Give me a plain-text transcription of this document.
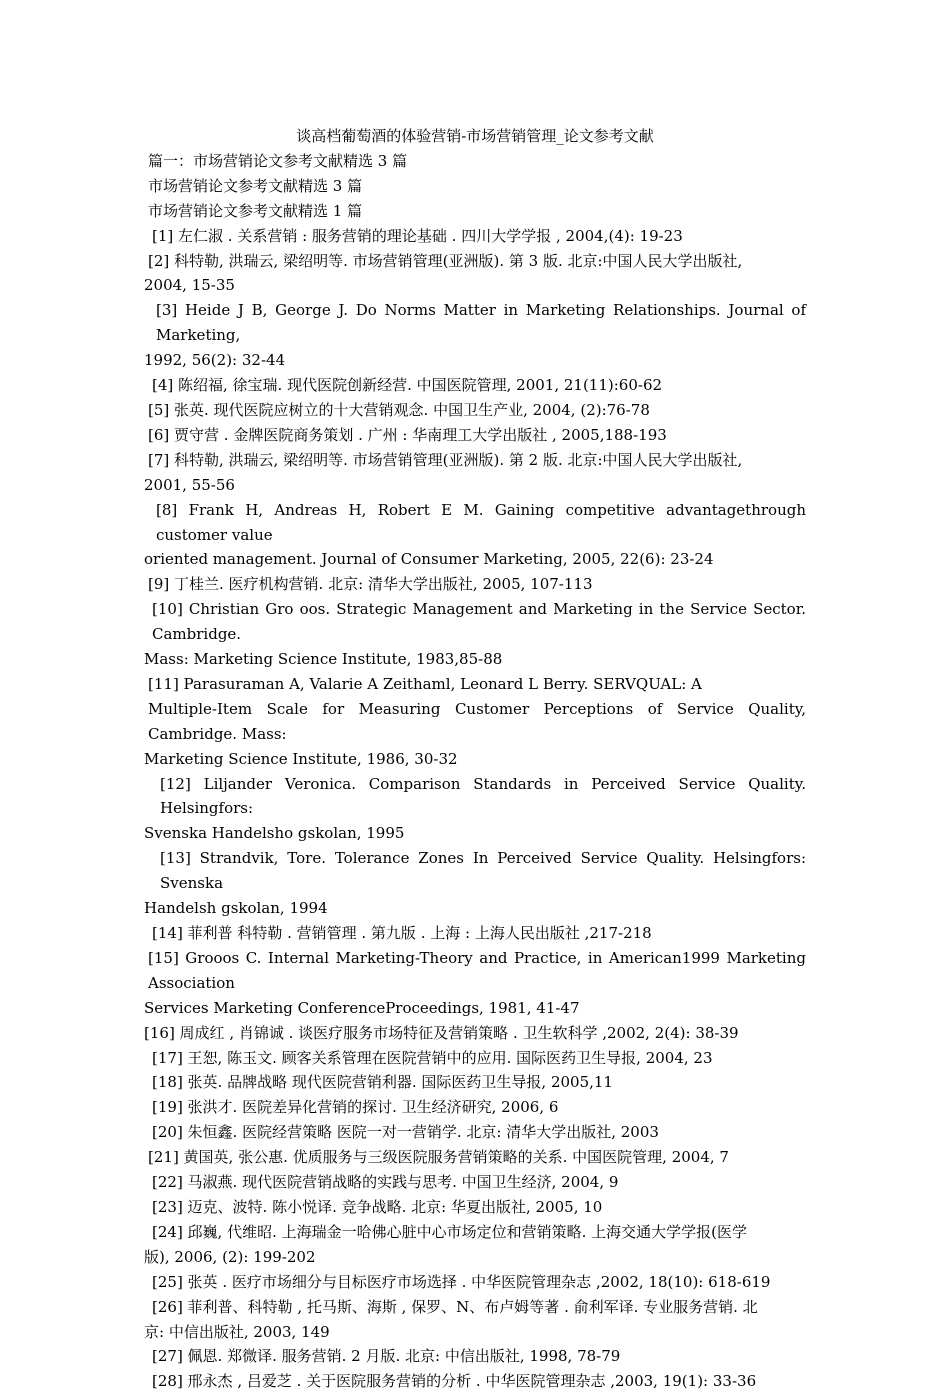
谈高档葡萄酒的体验营销-市场营销管理_论文参考文献
篇一：市场营销论文参考文献精选 3 篇
市场营销论文参考文献精选 3 篇
市场营销论文参考文献精选 1 篇
[1] 左仁淑 . 关系营销 : 服务营销的理论基础 . 四川大学学报 , 2004,(4): 19-23
[2] 科特勒, 洪瑞云, 梁绍明等. 市场营销管理(亚洲版). 第 3 版. 北京:中国人民大学出版社,
2004, 15-35
[3] Heide J B, George J. Do Norms Matter in Marketing Relationships. Journal of Marketing,
1992, 56(2): 32-44
[4] 陈绍福, 徐宝瑞. 现代医院创新经营. 中国医院管理, 2001, 21(11):60-62
[5] 张英. 现代医院应树立的十大营销观念. 中国卫生产业, 2004, (2):76-78
[6] 贾守营 . 金牌医院商务策划 . 广州 : 华南理工大学出版社 , 2005,188-193
[7] 科特勒, 洪瑞云, 梁绍明等. 市场营销管理(亚洲版). 第 2 版. 北京:中国人民大学出版社,
2001, 55-56
[8] Frank H, Andreas H, Robert E M. Gaining competitive advantagethrough customer value
oriented management. Journal of Consumer Marketing, 2005, 22(6): 23-24
[9] 丁桂兰. 医疗机构营销. 北京: 清华大学出版社, 2005, 107-113
[10] Christian Gro oos. Strategic Management and Marketing in the Service Sector. Cambridge.
Mass: Marketing Science Institute, 1983,85-88
[11] Parasuraman A, Valarie A Zeithaml, Leonard L Berry. SERVQUAL: A
Multiple-Item Scale for Measuring Customer Perceptions of Service Quality, Cambridge. Mass:
Marketing Science Institute, 1986, 30-32
[12] Liljander Veronica. Comparison Standards in Perceived Service Quality. Helsingfors:
Svenska Handelsho gskolan, 1995
[13] Strandvik, Tore. Tolerance Zones In Perceived Service Quality. Helsingfors: Svenska
Handelsh gskolan, 1994
[14] 菲利普 科特勒 . 营销管理 . 第九版 . 上海 : 上海人民出版社 ,217-218
[15] Grooos C. Internal Marketing-Theory and Practice, in American1999 Marketing Association
Services Marketing ConferenceProceedings, 1981, 41-47
[16] 周成红 , 肖锦诚 . 谈医疗服务市场特征及营销策略 . 卫生软科学 ,2002, 2(4): 38-39
[17] 王恕, 陈玉文. 顾客关系管理在医院营销中的应用. 国际医药卫生导报, 2004, 23
[18] 张英. 品牌战略 现代医院营销利器. 国际医药卫生导报, 2005,11
[19] 张洪才. 医院差异化营销的探讨. 卫生经济研究, 2006, 6
[20] 朱恒鑫. 医院经营策略 医院一对一营销学. 北京: 清华大学出版社, 2003
[21] 黄国英, 张公惠. 优质服务与三级医院服务营销策略的关系. 中国医院管理, 2004, 7
[22] 马淑燕. 现代医院营销战略的实践与思考. 中国卫生经济, 2004, 9
[23] 迈克、波特. 陈小悦译. 竞争战略. 北京: 华夏出版社, 2005, 10
[24] 邱巍, 代维昭. 上海瑞金一哈佛心脏中心市场定位和营销策略. 上海交通大学学报(医学
版), 2006, (2): 199-202
[25] 张英 . 医疗市场细分与目标医疗市场选择 . 中华医院管理杂志 ,2002, 18(10): 618-619
[26] 菲利普、科特勒 , 托马斯、海斯 , 保罗、N、布卢姆等著 . 俞利军译. 专业服务营销. 北
京: 中信出版社, 2003, 149
[27] 佩恩. 郑微译. 服务营销. 2 月版. 北京: 中信出版社, 1998, 78-79
[28] 邢永杰 , 吕爱芝 . 关于医院服务营销的分析 . 中华医院管理杂志 ,2003, 19(1): 33-36
